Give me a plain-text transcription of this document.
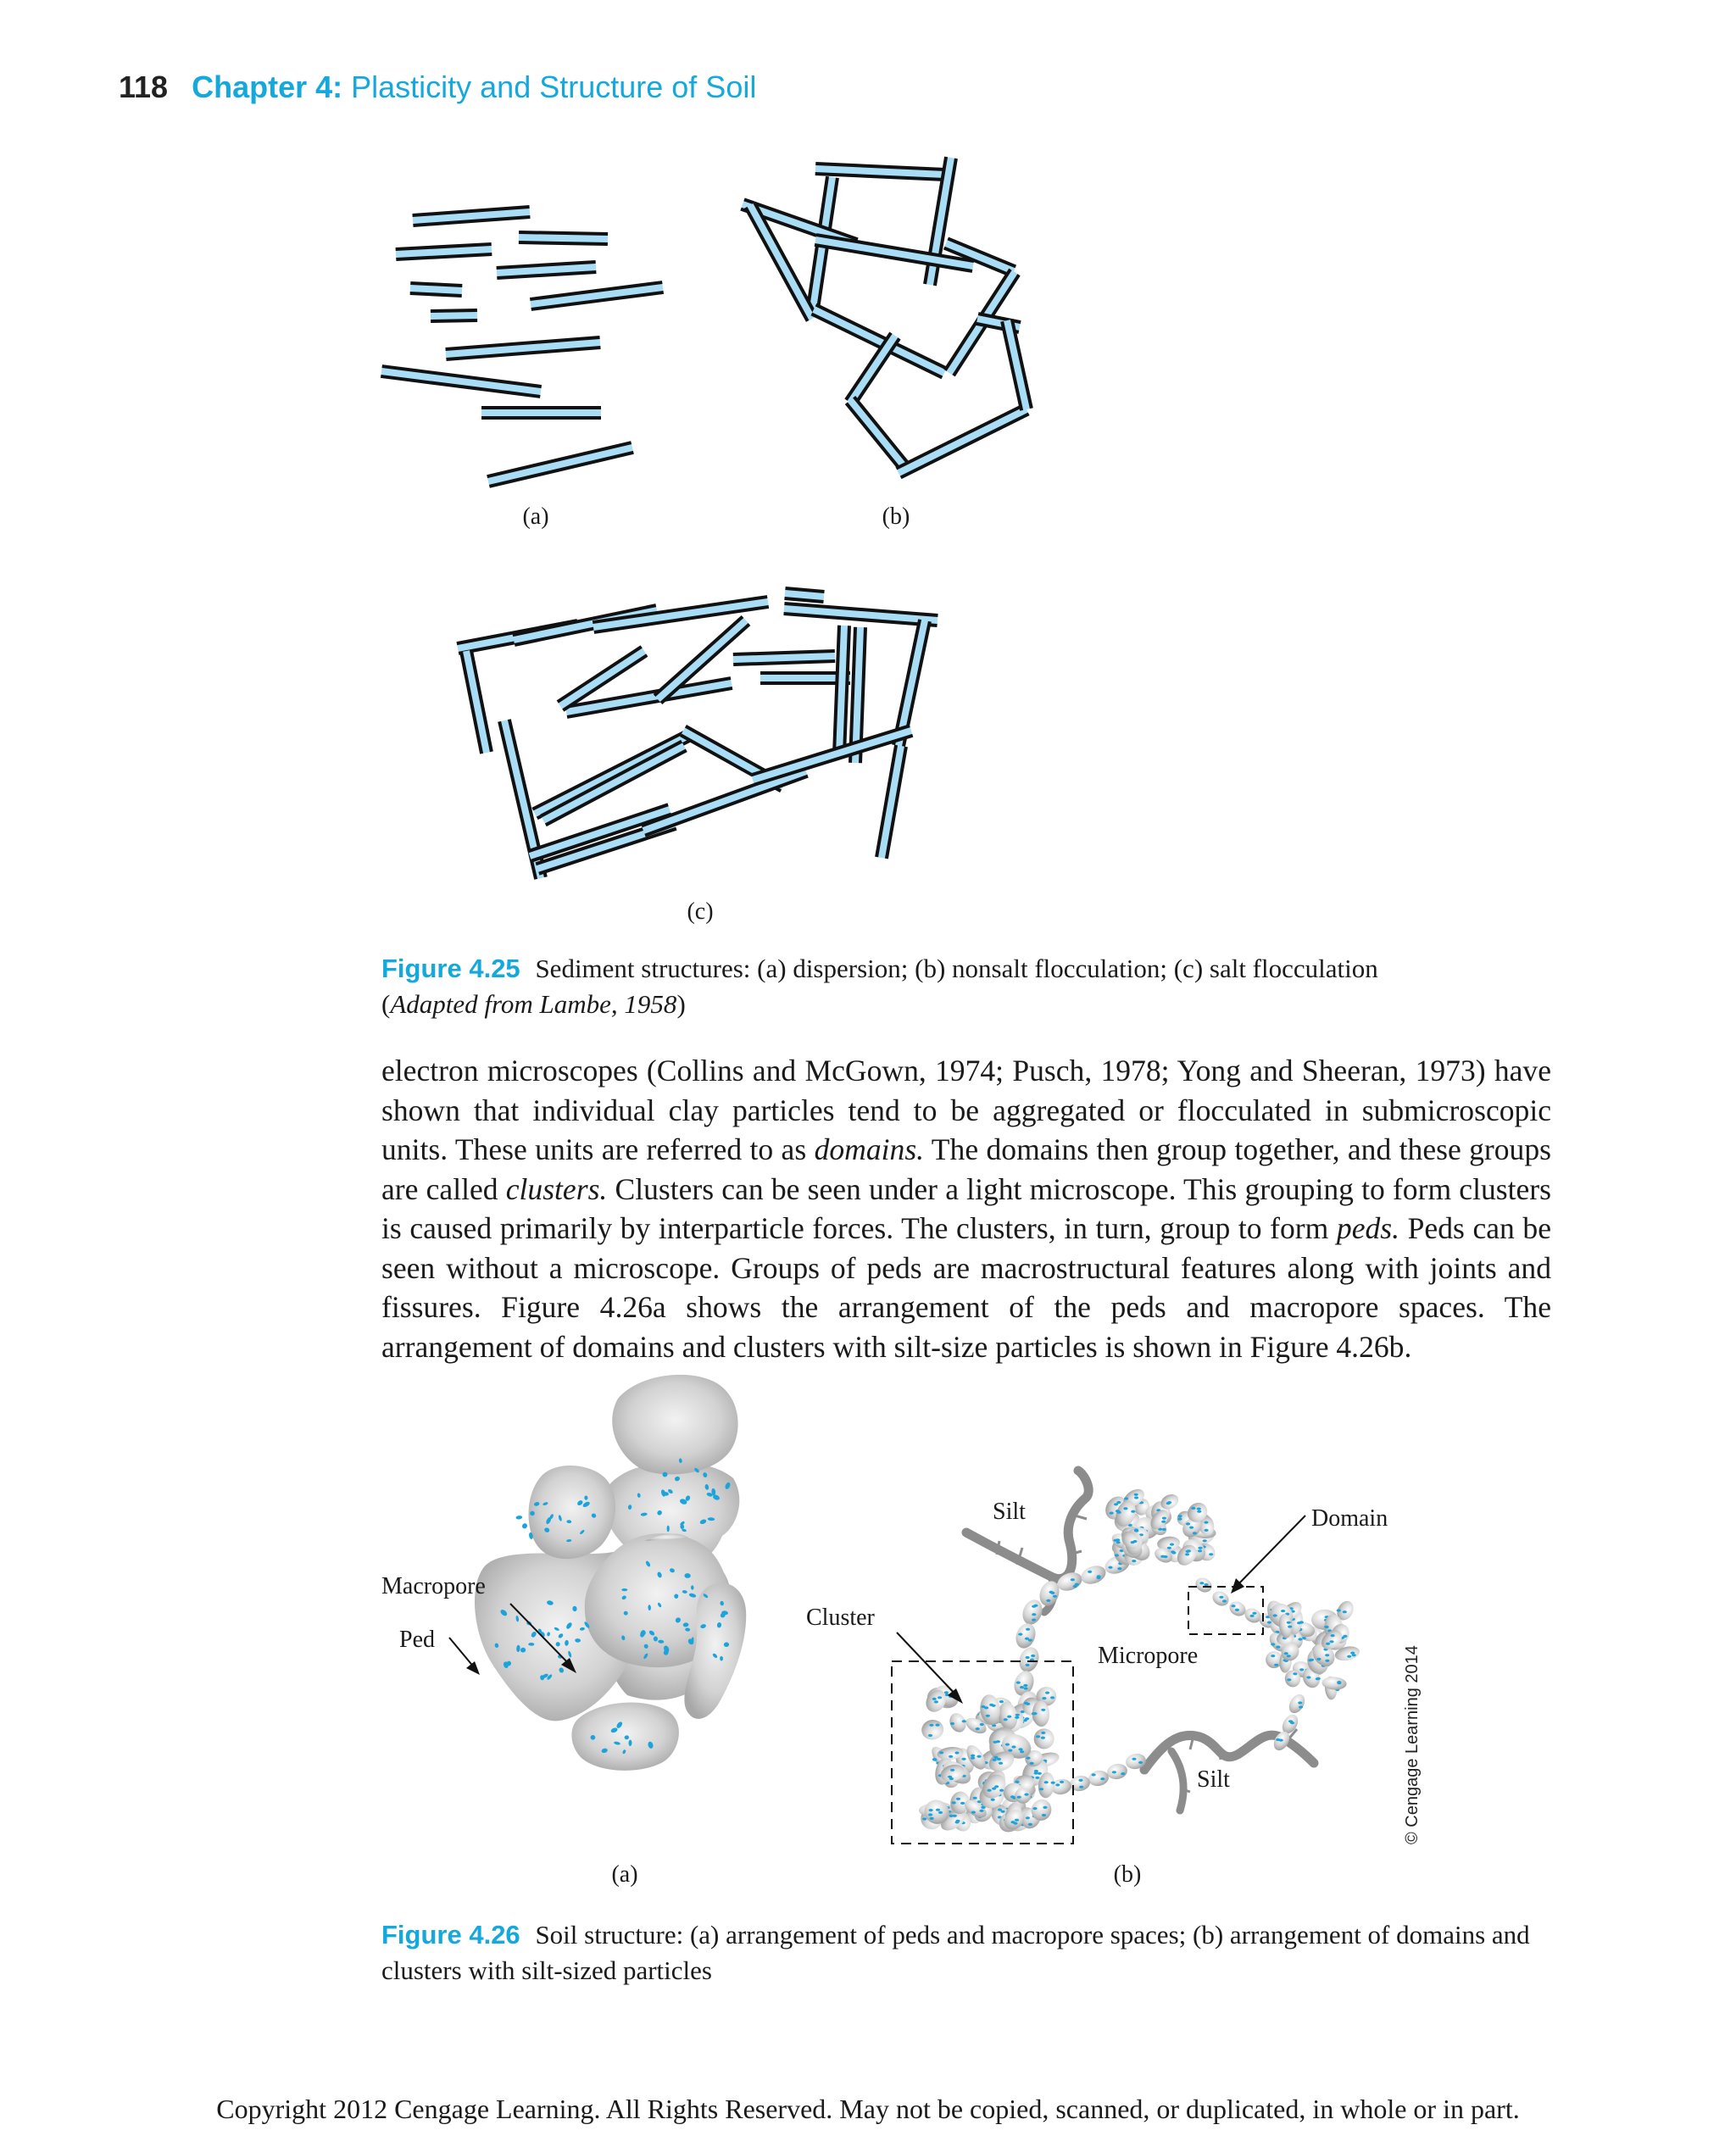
118 Chapter 4: Plasticity and Structure of Soil
(a)	(b)
(c)
Figure 4.25 Sediment structures: (a) dispersion; (b) nonsalt flocculation; (c) salt flocculation
(Adapted from Lambe, 1958)
electron microscopes (Collins and McGown, 1974; Pusch, 1978; Yong and Sheeran, 1973) have shown that individual clay particles tend to be aggregated or flocculated in submicroscopic units. These units are referred to as domains. The domains then group together, and these groups are called clusters. Clusters can be seen under a light microscope. This grouping to form clusters is caused primarily by interparticle forces. The clusters, in turn, group to form peds. Peds can be seen without a microscope. Groups of peds are macrostructural features along with joints and fissures. Figure 4.26a shows the arrangement of the peds and macropore spaces. The arrangement of domains and clusters with silt-size particles is shown in Figure 4.26b.
Macropore
Ped
(a)
Silt	Domain
Cluster
Micropore
Silt
(b)
© Cengage Learning 2014
Figure 4.26 Soil structure: (a) arrangement of peds and macropore spaces; (b) arrangement of domains and clusters with silt-sized particles
Copyright 2012 Cengage Learning. All Rights Reserved. May not be copied, scanned, or duplicated, in whole or in part.
